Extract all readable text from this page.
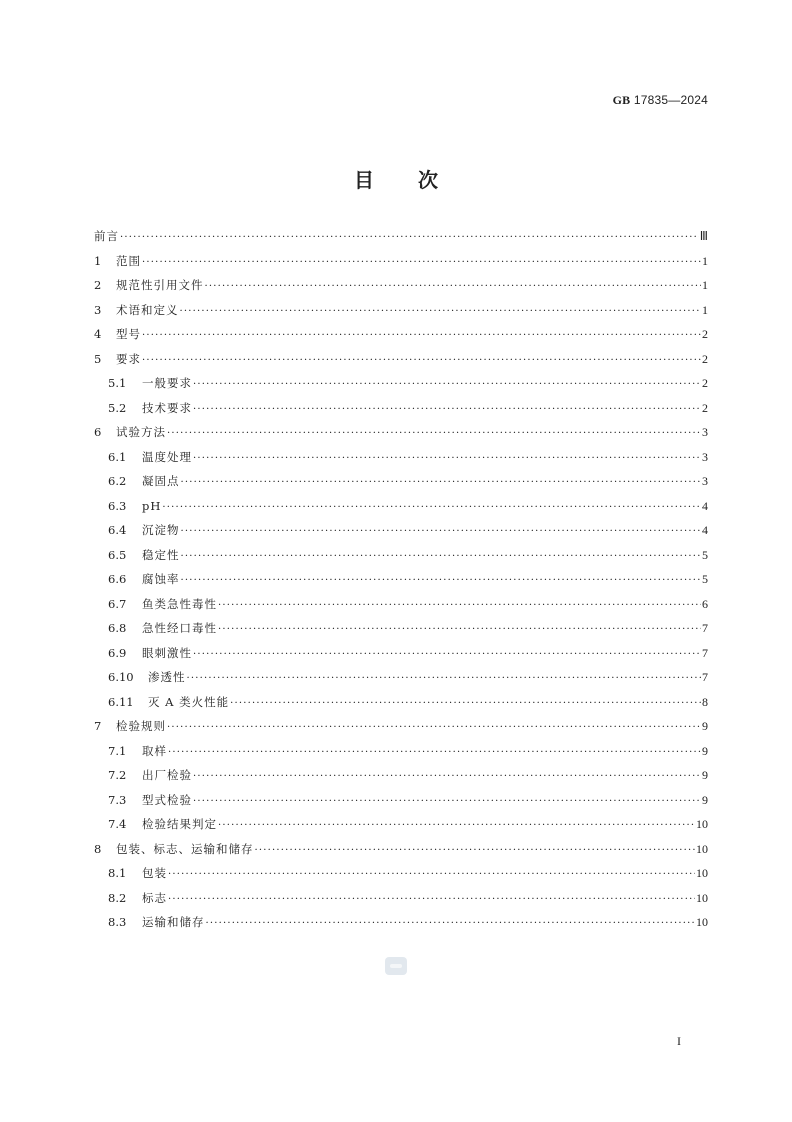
GB 17835—2024
目 次
前言 ·····	Ⅲ
1	范围 ·····	1
2	规范性引用文件 ·····	1
3	术语和定义 ·····	1
4	型号 ·····	2
5	要求 ·····	2
5.1	一般要求 ·····	2
5.2	技术要求 ·····	2
6	试验方法 ·····	3
6.1	温度处理 ·····	3
6.2	凝固点 ·····	3
6.3	pH ·····	4
6.4	沉淀物 ·····	4
6.5	稳定性 ·····	5
6.6	腐蚀率 ·····	5
6.7	鱼类急性毒性 ·····	6
6.8	急性经口毒性 ·····	7
6.9	眼刺激性 ·····	7
6.10	渗透性 ·····	7
6.11	灭 A 类火性能 ·····	8
7	检验规则 ·····	9
7.1	取样 ·····	9
7.2	出厂检验 ·····	9
7.3	型式检验 ·····	9
7.4	检验结果判定 ·····	10
8	包装、标志、运输和储存 ·····	10
8.1	包装 ·····	10
8.2	标志 ·····	10
8.3	运输和储存 ·····	10
I
